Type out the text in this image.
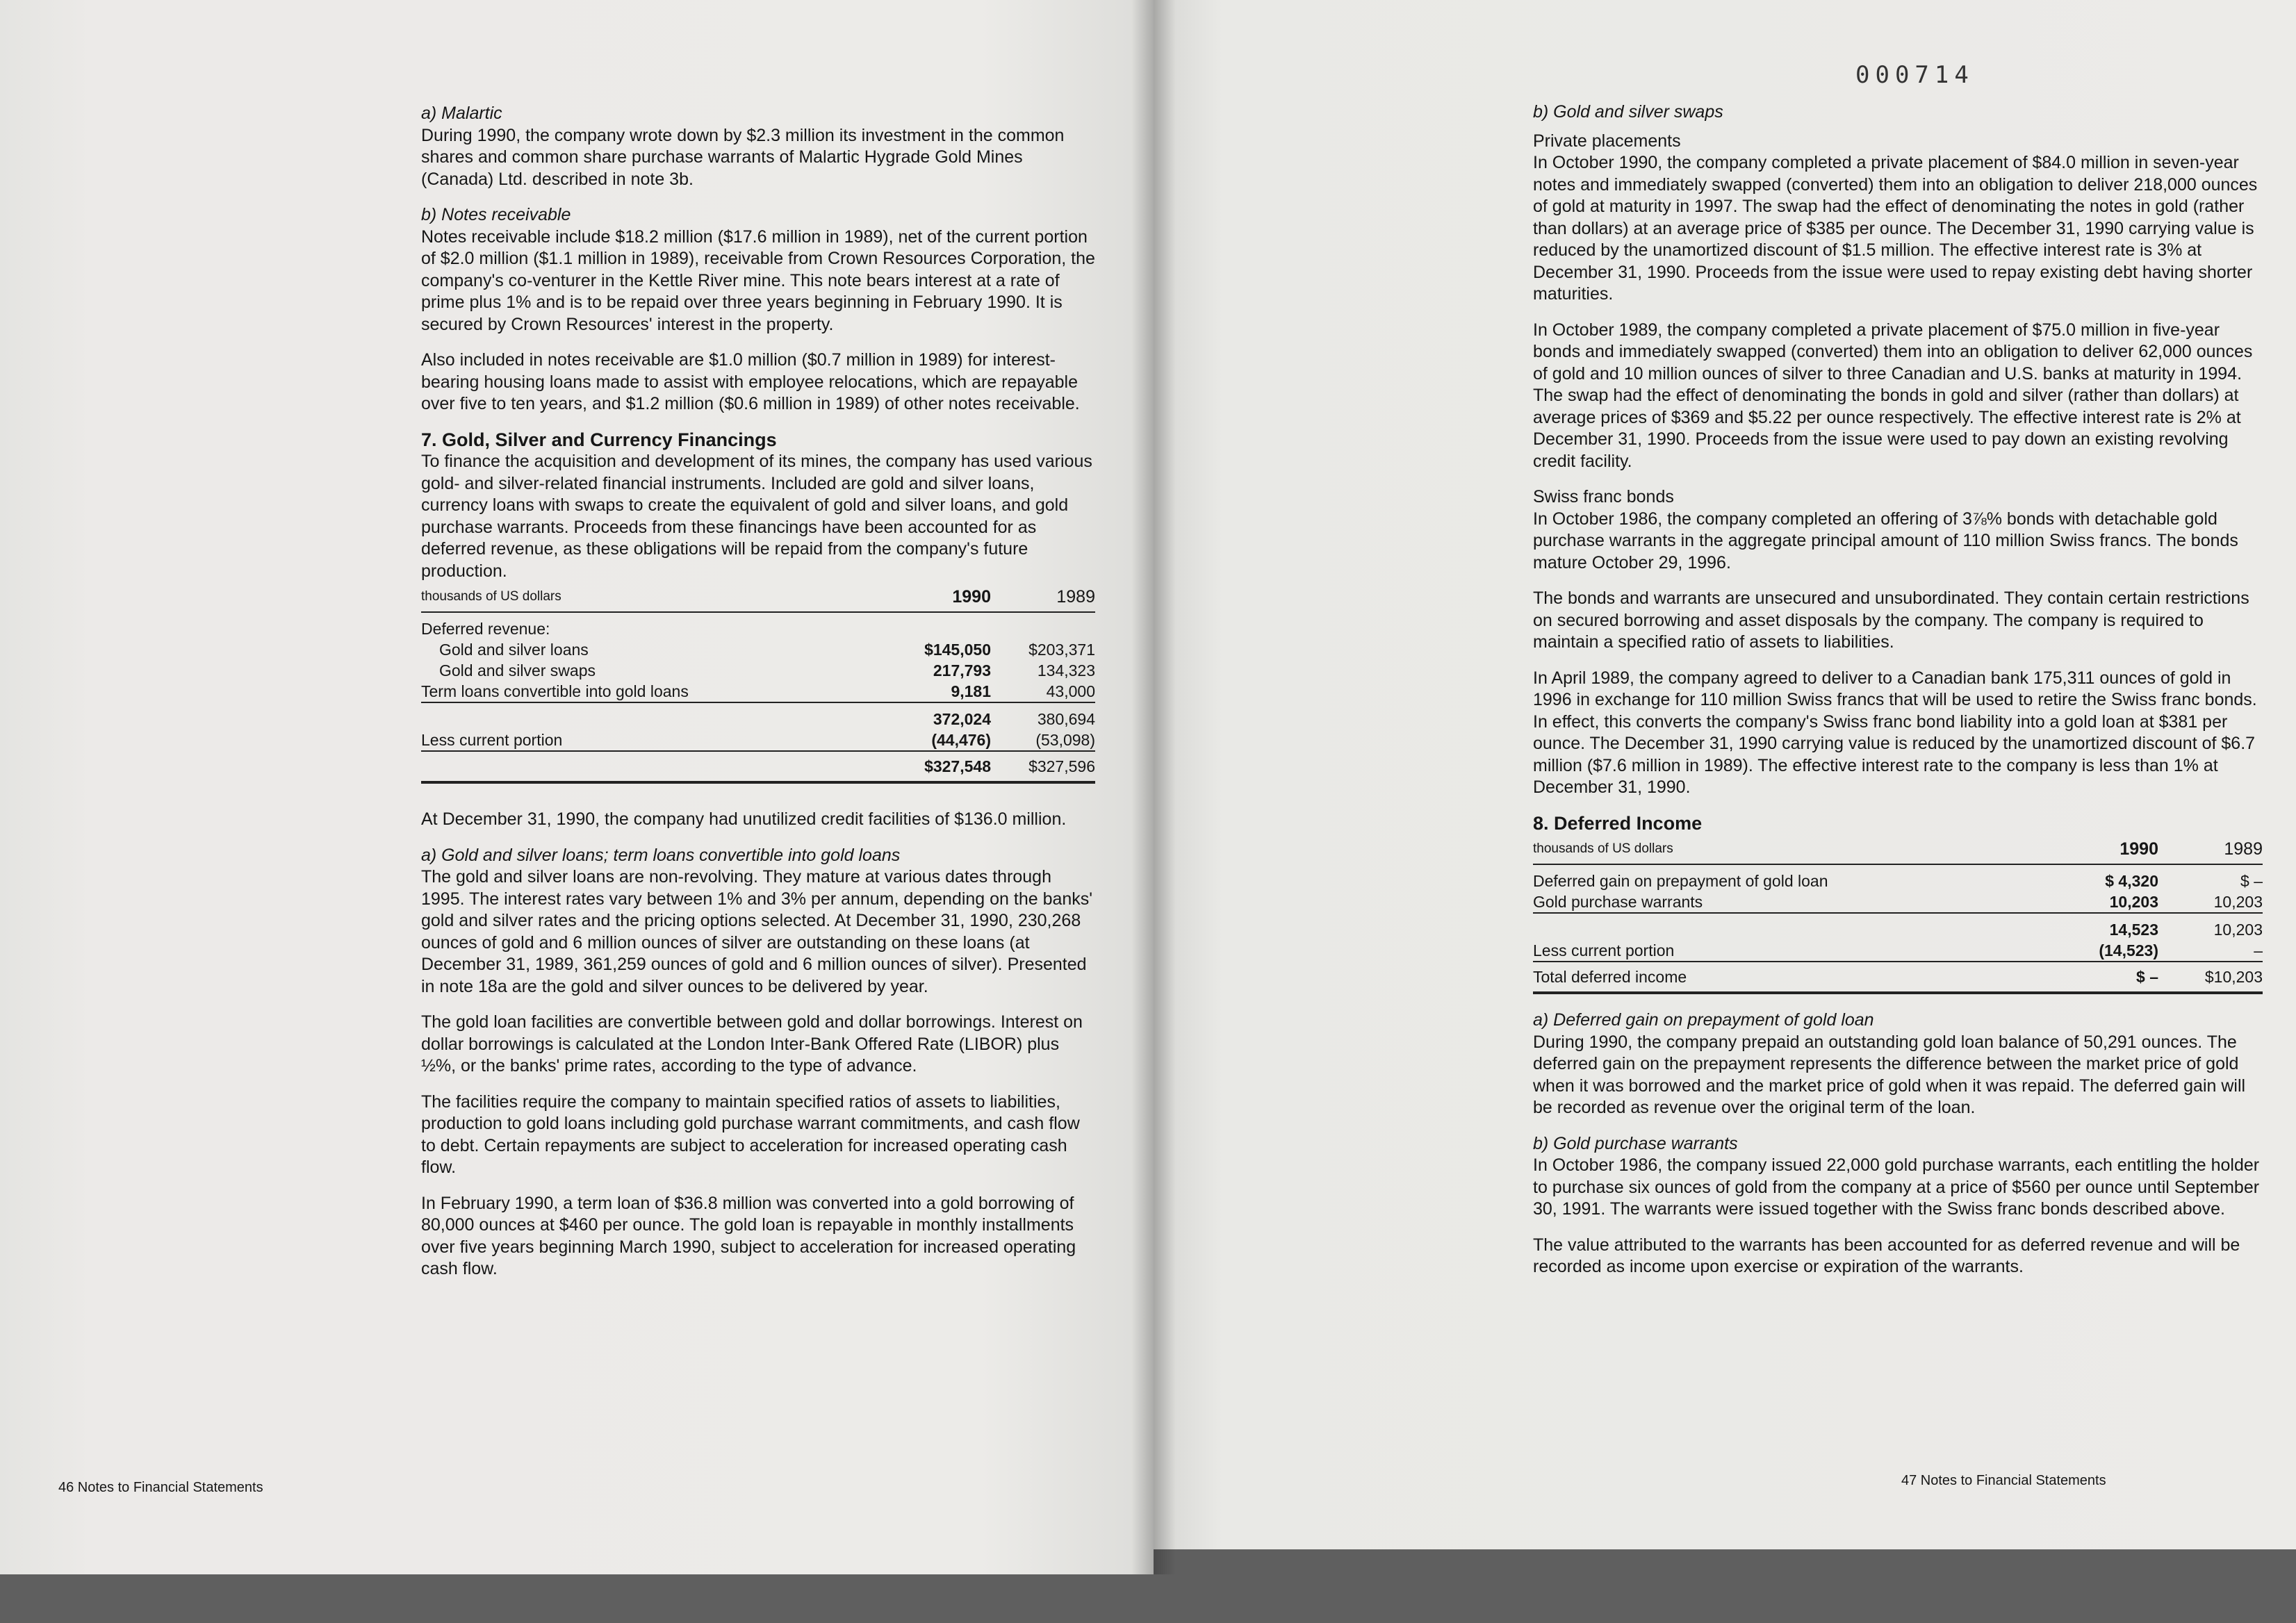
a) Malartic

During 1990, the company wrote down by $2.3 million its investment in the common shares and common share purchase warrants of Malartic Hygrade Gold Mines (Canada) Ltd. described in note 3b.

b) Notes receivable

Notes receivable include $18.2 million ($17.6 million in 1989), net of the current portion of $2.0 million ($1.1 million in 1989), receivable from Crown Resources Corporation, the company's co-venturer in the Kettle River mine. This note bears interest at a rate of prime plus 1% and is to be repaid over three years beginning in February 1990. It is secured by Crown Resources' interest in the property.

Also included in notes receivable are $1.0 million ($0.7 million in 1989) for interest-bearing housing loans made to assist with employee relocations, which are repayable over five to ten years, and $1.2 million ($0.6 million in 1989) of other notes receivable.

7. Gold, Silver and Currency Financings

To finance the acquisition and development of its mines, the company has used various gold- and silver-related financial instruments. Included are gold and silver loans, currency loans with swaps to create the equivalent of gold and silver loans, and gold purchase warrants. Proceeds from these financings have been accounted for as deferred revenue, as these obligations will be repaid from the company's future production.

thousands of US dollars	1990	1989
Deferred revenue:		
Gold and silver loans	$145,050	$203,371
Gold and silver swaps	217,793	134,323
Term loans convertible into gold loans	9,181	43,000
	372,024	380,694
Less current portion	(44,476)	(53,098)
	$327,548	$327,596

At December 31, 1990, the company had unutilized credit facilities of $136.0 million.

a) Gold and silver loans; term loans convertible into gold loans

The gold and silver loans are non-revolving. They mature at various dates through 1995. The interest rates vary between 1% and 3% per annum, depending on the banks' gold and silver rates and the pricing options selected. At December 31, 1990, 230,268 ounces of gold and 6 million ounces of silver are outstanding on these loans (at December 31, 1989, 361,259 ounces of gold and 6 million ounces of silver). Presented in note 18a are the gold and silver ounces to be delivered by year.

The gold loan facilities are convertible between gold and dollar borrowings. Interest on dollar borrowings is calculated at the London Inter-Bank Offered Rate (LIBOR) plus ½%, or the banks' prime rates, according to the type of advance.

The facilities require the company to maintain specified ratios of assets to liabilities, production to gold loans including gold purchase warrant commitments, and cash flow to debt. Certain repayments are subject to acceleration for increased operating cash flow.

In February 1990, a term loan of $36.8 million was converted into a gold borrowing of 80,000 ounces at $460 per ounce. The gold loan is repayable in monthly installments over five years beginning March 1990, subject to acceleration for increased operating cash flow.

46 Notes to Financial Statements
000714
b) Gold and silver swaps
Private placements

In October 1990, the company completed a private placement of $84.0 million in seven-year notes and immediately swapped (converted) them into an obligation to deliver 218,000 ounces of gold at maturity in 1997. The swap had the effect of denominating the notes in gold (rather than dollars) at an average price of $385 per ounce. The December 31, 1990 carrying value is reduced by the unamortized discount of $1.5 million. The effective interest rate is 3% at December 31, 1990. Proceeds from the issue were used to repay existing debt having shorter maturities.

In October 1989, the company completed a private placement of $75.0 million in five-year bonds and immediately swapped (converted) them into an obligation to deliver 62,000 ounces of gold and 10 million ounces of silver to three Canadian and U.S. banks at maturity in 1994. The swap had the effect of denominating the bonds in gold and silver (rather than dollars) at average prices of $369 and $5.22 per ounce respectively. The effective interest rate is 2% at December 31, 1990. Proceeds from the issue were used to pay down an existing revolving credit facility.

Swiss franc bonds

In October 1986, the company completed an offering of 3⅞% bonds with detachable gold purchase warrants in the aggregate principal amount of 110 million Swiss francs. The bonds mature October 29, 1996.

The bonds and warrants are unsecured and unsubordinated. They contain certain restrictions on secured borrowing and asset disposals by the company. The company is required to maintain a specified ratio of assets to liabilities.

In April 1989, the company agreed to deliver to a Canadian bank 175,311 ounces of gold in 1996 in exchange for 110 million Swiss francs that will be used to retire the Swiss franc bonds. In effect, this converts the company's Swiss franc bond liability into a gold loan at $381 per ounce. The December 31, 1990 carrying value is reduced by the unamortized discount of $6.7 million ($7.6 million in 1989). The effective interest rate to the company is less than 1% at December 31, 1990.

8. Deferred Income
thousands of US dollars	1990	1989
Deferred gain on prepayment of gold loan	$ 4,320	$ –
Gold purchase warrants	10,203	10,203
	14,523	10,203
Less current portion	(14,523)	–
Total deferred income	$ –	$10,203
a) Deferred gain on prepayment of gold loan

During 1990, the company prepaid an outstanding gold loan balance of 50,291 ounces. The deferred gain on the prepayment represents the difference between the market price of gold when it was borrowed and the market price of gold when it was repaid. The deferred gain will be recorded as revenue over the original term of the loan.

b) Gold purchase warrants

In October 1986, the company issued 22,000 gold purchase warrants, each entitling the holder to purchase six ounces of gold from the company at a price of $560 per ounce until September 30, 1991. The warrants were issued together with the Swiss franc bonds described above.

The value attributed to the warrants has been accounted for as deferred revenue and will be recorded as income upon exercise or expiration of the warrants.

47 Notes to Financial Statements
